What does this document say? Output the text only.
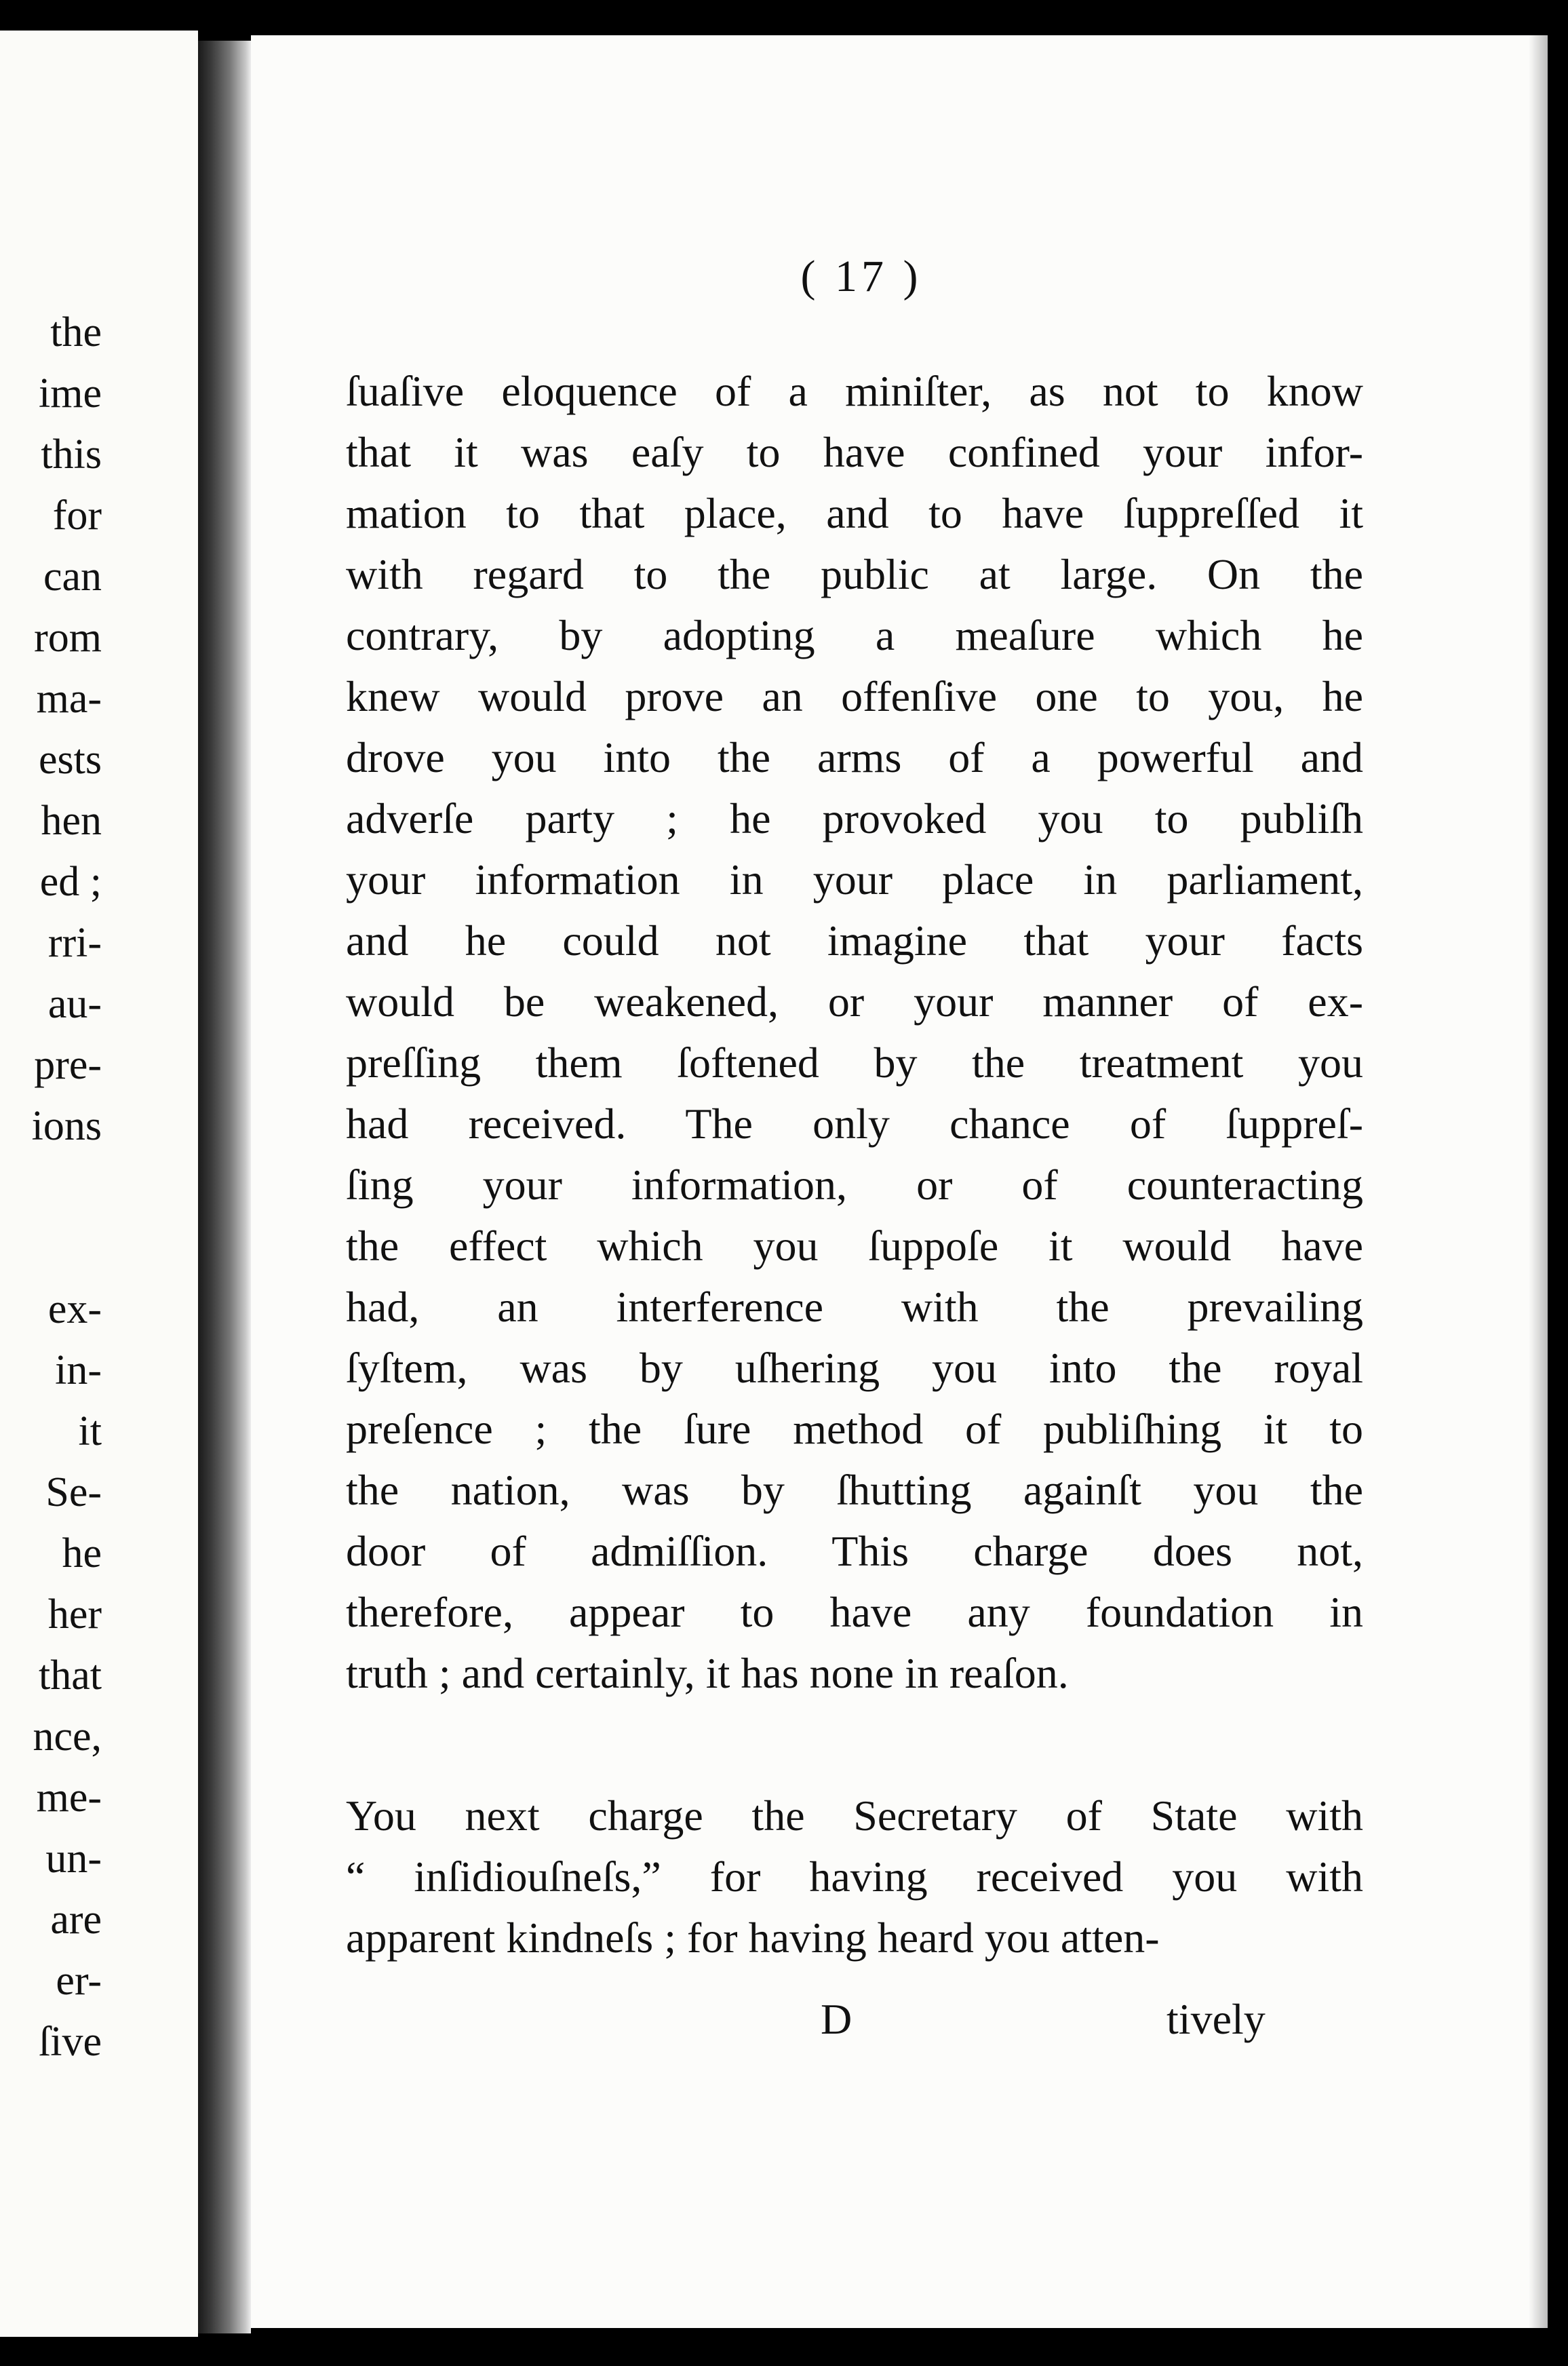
the
ime
this
for
can
rom
ma-
ests
hen
ed ;
rri-
au-
pre-
ions
ex-
in-
it
Se-
he
her
that
nce,
me-
un-
are
er-
ſive
( 17 )
ſuaſive eloquence of a miniſter, as not to know
that it was eaſy to have confined your infor-
mation to that place, and to have ſuppreſſed it
with regard to the public at large. On the
contrary, by adopting a meaſure which he
knew would prove an offenſive one to you, he
drove you into the arms of a powerful and
adverſe party ; he provoked you to publiſh
your information in your place in parliament,
and he could not imagine that your facts
would be weakened, or your manner of ex-
preſſing them ſoftened by the treatment you
had received. The only chance of ſuppreſ-
ſing your information, or of counteracting
the effect which you ſuppoſe it would have
had, an interference with the prevailing
ſyſtem, was by uſhering you into the royal
preſence ; the ſure method of publiſhing it to
the nation, was by ſhutting againſt you the
door of admiſſion. This charge does not,
therefore, appear to have any foundation in
truth ; and certainly, it has none in reaſon.
You next charge the Secretary of State with
“ inſidiouſneſs,” for having received you with
apparent kindneſs ; for having heard you atten-
D	tively
